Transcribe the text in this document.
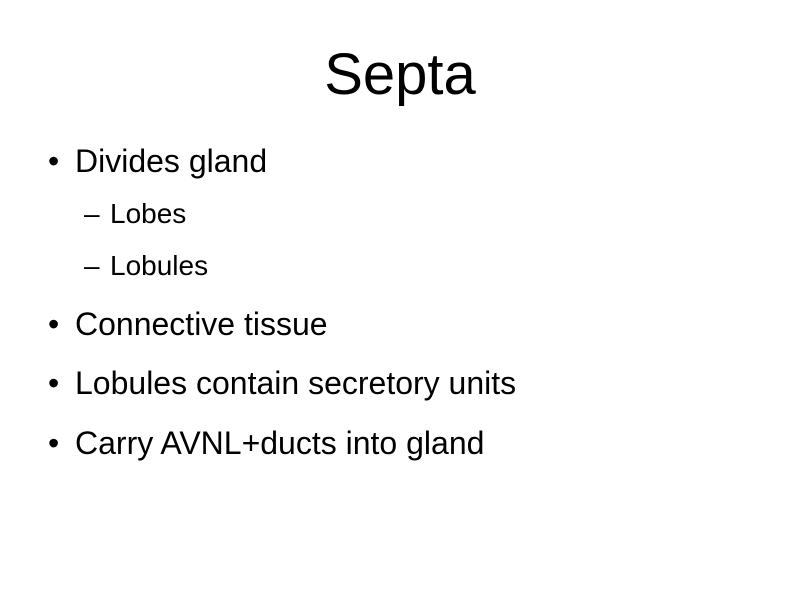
Septa
• Divides gland
– Lobes
– Lobules
• Connective tissue
• Lobules contain secretory units
• Carry AVNL+ducts into gland
